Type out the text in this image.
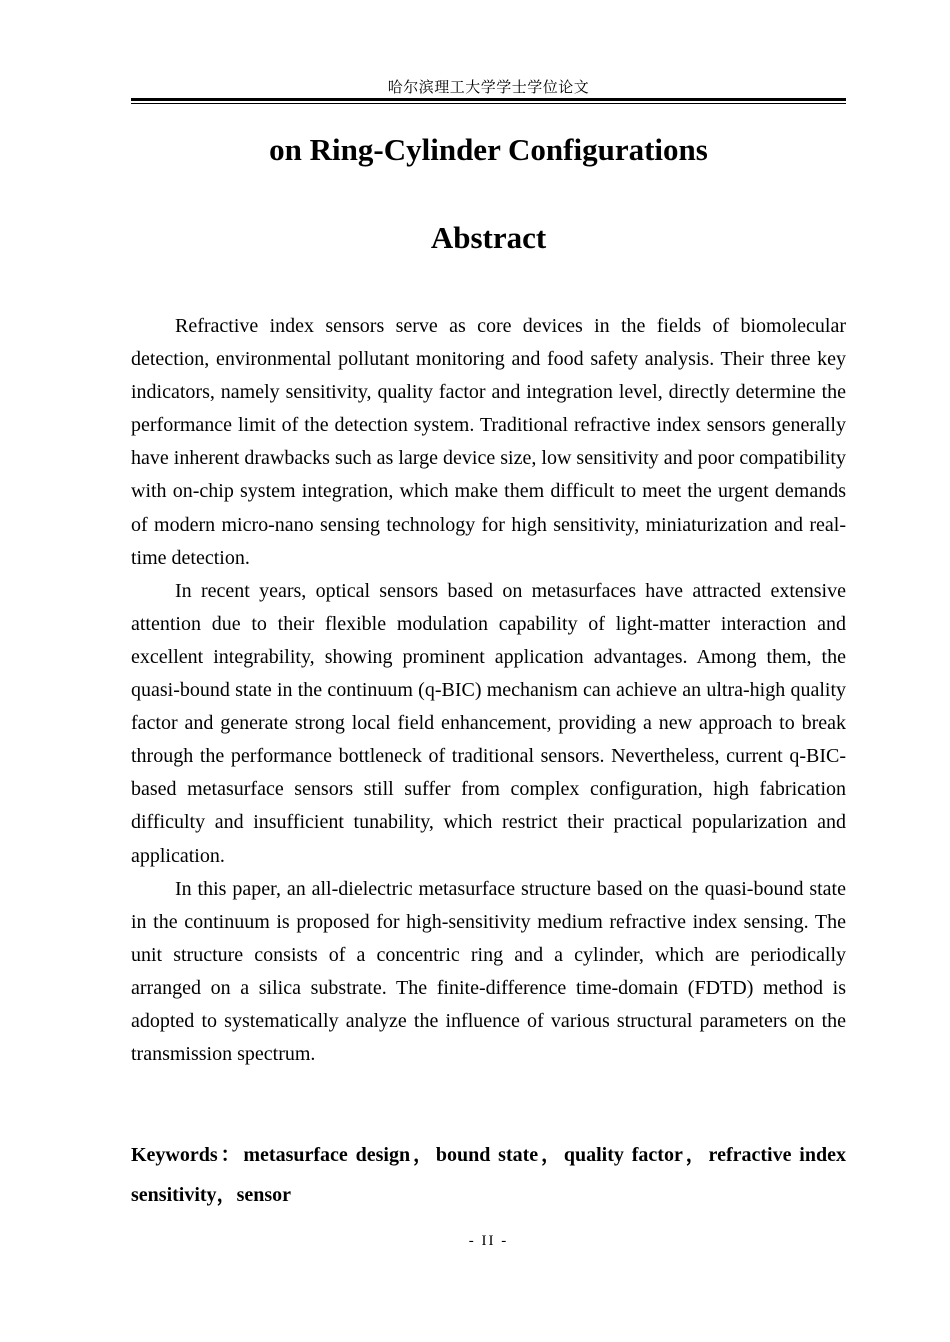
哈尔滨理工大学学士学位论文
on Ring-Cylinder Configurations
Abstract

Refractive index sensors serve as core devices in the fields of biomolecular detection, environmental pollutant monitoring and food safety analysis. Their three key indicators, namely sensitivity, quality factor and integration level, directly determine the performance limit of the detection system. Traditional refractive index sensors generally have inherent drawbacks such as large device size, low sensitivity and poor compatibility with on-chip system integration, which make them difficult to meet the urgent demands of modern micro-nano sensing technology for high sensitivity, miniaturization and real-time detection.

In recent years, optical sensors based on metasurfaces have attracted extensive attention due to their flexible modulation capability of light-matter interaction and excellent integrability, showing prominent application advantages. Among them, the quasi-bound state in the continuum (q-BIC) mechanism can achieve an ultra-high quality factor and generate strong local field enhancement, providing a new approach to break through the performance bottleneck of traditional sensors. Nevertheless, current q-BIC-based metasurface sensors still suffer from complex configuration, high fabrication difficulty and insufficient tunability, which restrict their practical popularization and application.

In this paper, an all-dielectric metasurface structure based on the quasi-bound state in the continuum is proposed for high-sensitivity medium refractive index sensing. The unit structure consists of a concentric ring and a cylinder, which are periodically arranged on a silica substrate. The finite-difference time-domain (FDTD) method is adopted to systematically analyze the influence of various structural parameters on the transmission spectrum.

Keywords：metasurface design，bound state，quality factor，refractive index sensitivity，sensor
- II -
